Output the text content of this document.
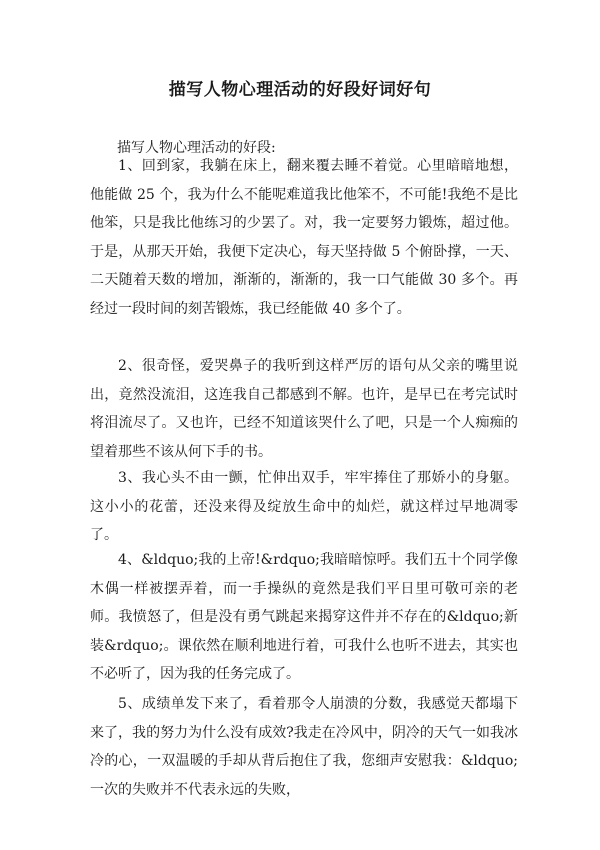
描写人物心理活动的好段好词好句

描写人物心理活动的好段:

1、回到家，我躺在床上，翻来覆去睡不着觉。心里暗暗地想，他能做 25 个，我为什么不能呢难道我比他笨不，不可能!我绝不是比他笨，只是我比他练习的少罢了。对，我一定要努力锻炼，超过他。于是，从那天开始，我便下定决心，每天坚持做 5 个俯卧撑，一天、二天随着天数的增加，渐渐的，渐渐的，我一口气能做 30 多个。再经过一段时间的刻苦锻炼，我已经能做 40 多个了。

2、很奇怪，爱哭鼻子的我听到这样严厉的语句从父亲的嘴里说出，竟然没流泪，这连我自己都感到不解。也许，是早已在考完试时将泪流尽了。又也许，已经不知道该哭什么了吧，只是一个人痴痴的望着那些不该从何下手的书。

3、我心头不由一颤，忙伸出双手，牢牢捧住了那娇小的身躯。这小小的花蕾，还没来得及绽放生命中的灿烂，就这样过早地凋零了。

4、&ldquo;我的上帝!&rdquo;我暗暗惊呼。我们五十个同学像木偶一样被摆弄着，而一手操纵的竟然是我们平日里可敬可亲的老师。我愤怒了，但是没有勇气跳起来揭穿这件并不存在的&ldquo;新装&rdquo;。课依然在顺利地进行着，可我什么也听不进去，其实也不必听了，因为我的任务完成了。

5、成绩单发下来了，看着那令人崩溃的分数，我感觉天都塌下来了，我的努力为什么没有成效?我走在冷风中，阴冷的天气一如我冰冷的心，一双温暖的手却从背后抱住了我，您细声安慰我：&ldquo;一次的失败并不代表永远的失败，
